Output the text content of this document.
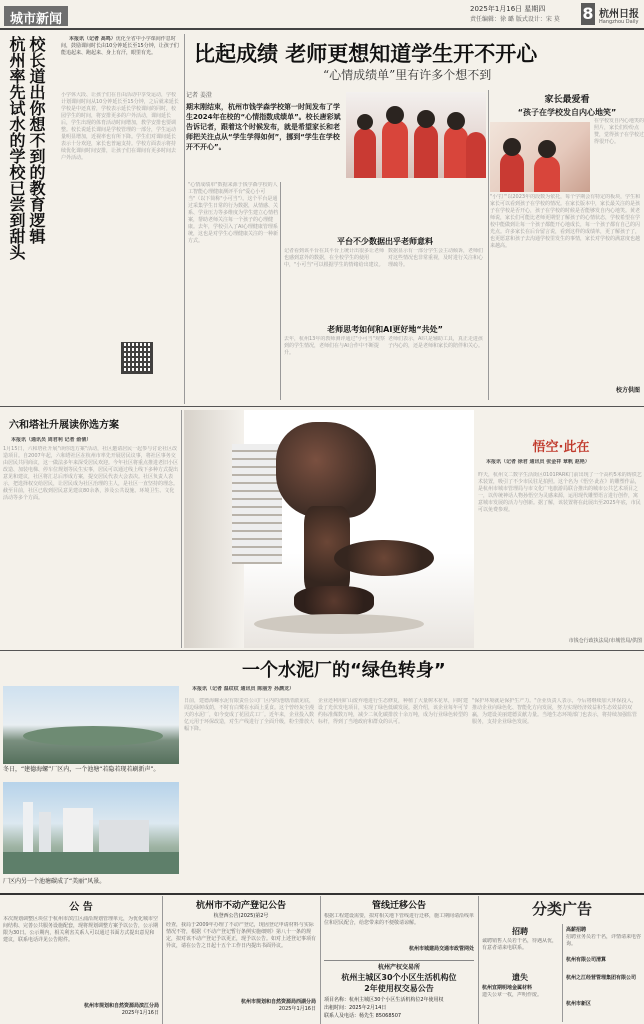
城市新闻
2025年1月16日 星期四
责任编辑：徐 璐 版式设计：宋 莫 8 杭州日报
Hangzhou Daily
校长道出你想不到的教育逻辑
杭州率先试水的学校已尝到甜头	本报讯（记者 高鸣）优化全省中小学课间作息时间，鼓励课间时长由10分钟延长至15分钟，让孩子们能追起来、跑起来、身上有汗，眼里有光。

小学休大段、让孩子们在自由活动中享受运动，学校计划课间时间从10分钟延长至15分钟，之后就来延长学校是中还真着，学校表示延长学校课间的同时，校园学生的时间，将安排更多的户外活动，课间延长后，学生出现的体育活动时间增加，教学安排也要调整。校长说延长课间是学校管理的一部分，学生运动量明显增加，近视率也有所下降。学生们对课间延长表示十分欢迎，家长也普遍支持。学校方面表示将持续优化课间时间安排，让孩子们在课间有更多时间去户外活动。
比起成绩 老师更想知道学生开不开心
“心情成绩单”里有许多个想不到
记者 姜澄
期末刚结束，杭州市钱学森学校第一时间发布了学生2024年在校的“心情指数成绩单”。校长唐彩斌告诉记者，跟着这个时候发布，就是希望家长和老师把关注点从“学生学得如何”，挪到“学生在学校开不开心”。
家长最爱看
“孩子在学校发自内心地笑”
在学校发自内心地笑的照片，家长们纷纷点赞，觉得孩子在学校过得很开心。
"小'打'"以2023年的段数为依托，每个学期会有特定的板块，学生和家长可以看到孩子在学校的情况。在家长版本中，家长最关注的是孩子在学校是否开心，孩子在学校的时候是否能够发自内心地笑。黄老师说，家长们可能比老师更期望了解孩子的心情状态，学校希望在学校中能做到让每一个孩子都能开心地成长，每一个孩子都有自己的闪光点。许多家长在后台留言说，看到这样的成绩单，更了解孩子了，也更愿意和孩子去沟通学校里发生的事情，家长对学校的满意度也越来越高。
校方供图
"心情成绩单"数据来源于钱学森学校的人工智能心理健康测评平台"爱心小可当"（以下简称"小可当"）。这个平台是通过采集学生日常的行为数据，从情感、关系、学业压力等多维度为学生建立心情档案，帮助老师关注每一个孩子的心理健康。去年，学校引入了AI心理健康管理系统，这也是对学生心理健康关注的一种新方式。	平台不少数据出乎老师意料
记者看到该平台在其平台上统计出很多让老师也感到意外的数据，在全校学生的使用中，"小可当"可以根据学生的情绪给出建议。
数据显示有一部分学生会主动倾诉，老师们对这些情况也非常重视，及时进行关注和心理疏导。
老师思考如何和AI更好地“共处”
去年，杭州13年的教师测评通过"小可当"观察到的学生情况，老师们在与AI合作中不断提升。
老师们表示，AI只是辅助工具，真正走进孩子内心的，还是老师和家长的陪伴和关心。
六和塔社升展读你选方案

本报讯（通讯员 周君利 记者 俞倩）

1月15日，六和塔社升展"读你选方案"活动，社区邀请居民一起参与讨论社区改造项目。自2007年起，六和塔社区在杭州市率先开展居民议事，将社区事务交由居民共同商议，这一做法多年来深受居民欢迎。今年社区将重点推进老旧小区改造、加装电梯、停车位规划等民生实事，居民可以通过线上线下多种方式提出意见和建议，社区将汇总后形成方案，提交居民代表大会表决。社区负责人表示，把选择权交给居民，让居民成为社区治理的主人，是社区一直坚持的理念。截至目前，社区已收到居民意见建议80余条，涉及公共设施、环境卫生、文化活动等多个方面。
悟空·此在

本报讯（记者 徐君 通讯员 张金祥 章帆 赵艳）

昨天，杭州文二数字生活街区0101PARK门前出现了一个高约5米的铸铁艺术装置，吸引了不少市民驻足拍照。这个名为《悟空·此在》的雕塑作品，是杭州市城市管理局与市文化广电旅游局联合推出的城市公共艺术项目之一，以传统神话人物孙悟空为灵感来源，运用现代雕塑语言进行创作，寓意城市发展的活力与创新。据了解，该装置将在此展出至2025年底，市民可以免费参观。
市钱仓行政执法局/市城管局/供图
冬日，“建德海螺”厂区内，一个池塘“若隐若现若刷新声”。
厂区内另一个池塘碳成了“美丽”风景。
一个水泥厂的“绿色转身”

本报讯（记者 温纹纹 通讯员 陈丽芳 孙渊龙）

日前，建德海螺水泥有限责任公司厂区内的池塘清澈见底，周边绿树成荫，不时有白鹭在水面上觅食。这个曾经灰尘漫天的水泥厂，如今变成了花园式工厂。近年来，企业投入数亿元用于环保改造，对生产线进行了全面升级，粉尘排放大幅下降。
企业还利用矿山废弃地进行生态修复，种植了大量树木花草，同时建设了光伏发电项目，实现了绿色低碳发展。据介绍，该企业每年可节约标准煤数万吨，减少二氧化碳排放十余万吨，成为行业绿色转型的标杆，得到了当地政府和群众的认可。
"保护环境就是保护生产力。"企业负责人表示，今后将继续加大环保投入，推动企业向绿色化、智能化方向发展，努力实现经济效益和生态效益的双赢，为建设美丽建德贡献力量。当地生态环境部门也表示，将持续加强监管服务，支持企业绿色发展。
公 告
本次规划调整区块位于杭州市滨江区浦沿规划管理单元，为优化城市空间结构、完善公共服务设施配套，现将规划调整方案予以公告，公示期限为30日。公示期内，相关利害关系人可以通过书面方式提出意见和建议，联系电话详见公告附件。
杭州市规划和自然资源局滨江分局
2025年1月16日
杭州市不动产登记公告
杭登西公告(2025)第2号
经查，我局于2009年办理了不动产登记，现因登记申请材料与实际情况不符，根据《不动产登记暂行条例实施细则》第八十一条的规定，拟对该不动产登记予以更正，现予以公告。如对上述登记事项有异议，请在公告之日起十五个工作日内提出书面异议。
杭州市规划和自然资源局西湖分局
2025年1月16日
管线迁移公告
根据工程建设需要，拟对相关地下管线进行迁移，施工期间请沿线单位和居民配合，给您带来的不便敬请谅解。
杭州市城建局交通市政管网处
杭州产权交易所
杭州主城区30个小区生活机构位
2年使用权交易公告
项目名称：杭州主城区30个小区生活机构位2年使用权
出租时间：2025年2月14日
联系人及电话：杨先生 85068507
分类广告
招聘
诚聘销售人员若干名，待遇从优，有意者请来电联系。
遗失
杭州宜期明地金属材料
遗失公章一枚，声明作废。
高薪招聘
招聘业务员若干名，详情请来电咨询。
杭州有限公司清算
杭州之江经营管理集团有限公司
杭州市新区
